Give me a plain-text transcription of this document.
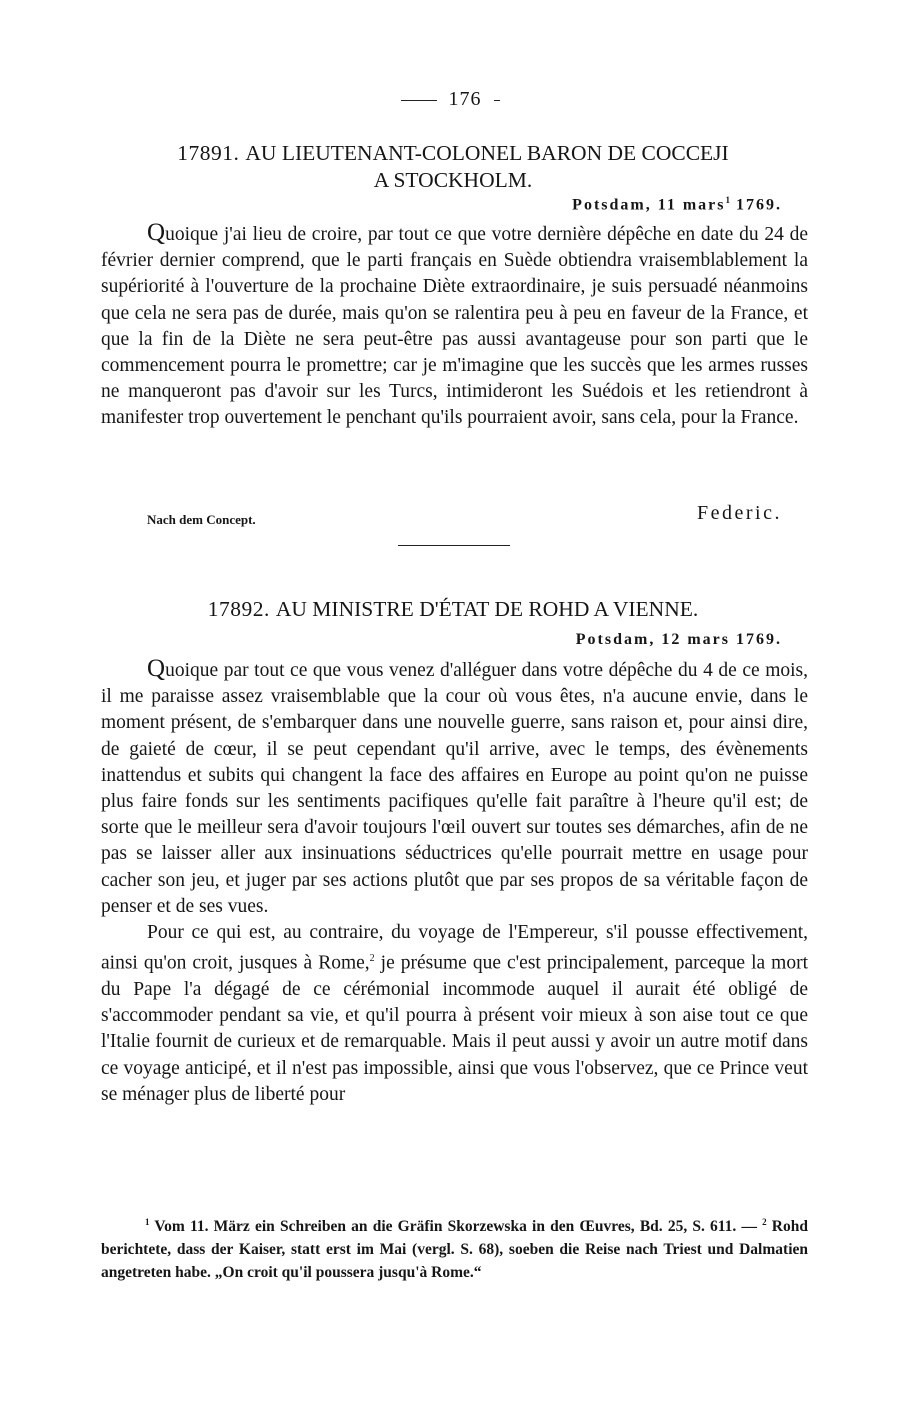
176
17891. AU LIEUTENANT-COLONEL BARON DE COCCEJI
A STOCKHOLM.
Potsdam, 11 mars$^1$ 1769.

Quoique j'ai lieu de croire, par tout ce que votre dernière dépêche en date du 24 de février dernier comprend, que le parti français en Suède obtiendra vraisemblablement la supériorité à l'ouverture de la prochaine Diète extraordinaire, je suis persuadé néanmoins que cela ne sera pas de durée, mais qu'on se ralentira peu à peu en faveur de la France, et que la fin de la Diète ne sera peut-être pas aussi avantageuse pour son parti que le commencement pourra le promettre; car je m'imagine que les succès que les armes russes ne manqueront pas d'avoir sur les Turcs, intimideront les Suédois et les retiendront à manifester trop ouvertement le penchant qu'ils pourraient avoir, sans cela, pour la France.

Nach dem Concept.	Federic.
17892. AU MINISTRE D'ÉTAT DE ROHD A VIENNE.
Potsdam, 12 mars 1769.

Quoique par tout ce que vous venez d'alléguer dans votre dépêche du 4 de ce mois, il me paraisse assez vraisemblable que la cour où vous êtes, n'a aucune envie, dans le moment présent, de s'embarquer dans une nouvelle guerre, sans raison et, pour ainsi dire, de gaieté de cœur, il se peut cependant qu'il arrive, avec le temps, des évènements inattendus et subits qui changent la face des affaires en Europe au point qu'on ne puisse plus faire fonds sur les sentiments pacifiques qu'elle fait paraître à l'heure qu'il est; de sorte que le meilleur sera d'avoir toujours l'œil ouvert sur toutes ses démarches, afin de ne pas se laisser aller aux insinuations séductrices qu'elle pourrait mettre en usage pour cacher son jeu, et juger par ses actions plutôt que par ses propos de sa véritable façon de penser et de ses vues.

Pour ce qui est, au contraire, du voyage de l'Empereur, s'il pousse effectivement, ainsi qu'on croit, jusques à Rome,$^2$ je présume que c'est principalement, parceque la mort du Pape l'a dégagé de ce cérémonial incommode auquel il aurait été obligé de s'accommoder pendant sa vie, et qu'il pourra à présent voir mieux à son aise tout ce que l'Italie fournit de curieux et de remarquable. Mais il peut aussi y avoir un autre motif dans ce voyage anticipé, et il n'est pas impossible, ainsi que vous l'observez, que ce Prince veut se ménager plus de liberté pour

$^1$ Vom 11. März ein Schreiben an die Gräfin Skorzewska in den Œuvres, Bd. 25, S. 611. — $^2$ Rohd berichtete, dass der Kaiser, statt erst im Mai (vergl. S. 68), soeben die Reise nach Triest und Dalmatien angetreten habe. „On croit qu'il poussera jusqu'à Rome.“
